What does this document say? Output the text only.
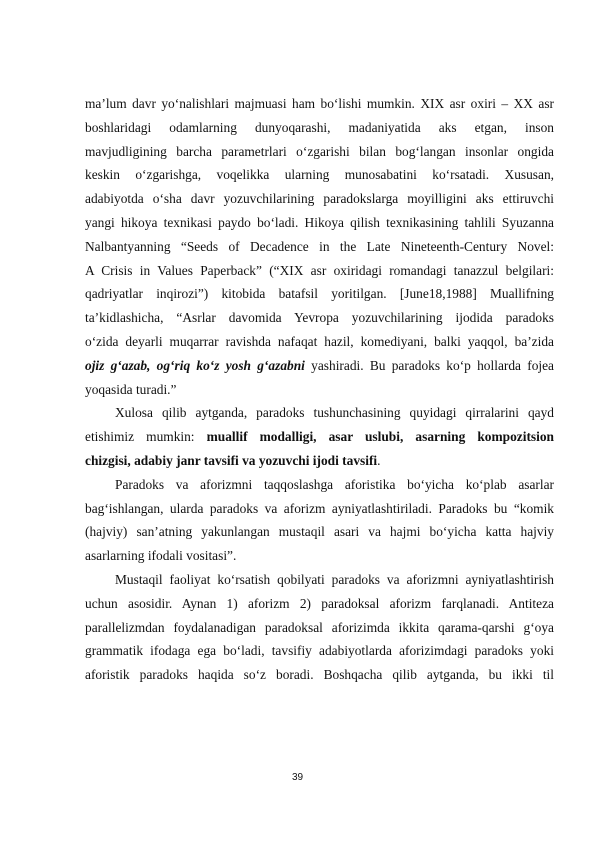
ma’lum davr yo‘nalishlari majmuasi ham bo‘lishi mumkin. XIX asr oxiri – XX asr
boshlaridagi odamlarning dunyoqarashi, madaniyatida aks etgan, inson
mavjudligining barcha parametrlari o‘zgarishi bilan bog‘langan insonlar ongida
keskin o‘zgarishga, voqelikka ularning munosabatini ko‘rsatadi. Xususan,
adabiyotda o‘sha davr yozuvchilarining paradokslarga moyilligini aks ettiruvchi
yangi hikoya texnikasi paydo bo‘ladi. Hikoya qilish texnikasining tahlili Syuzanna
Nalbantyanning “Seeds of Decadence in the Late Nineteenth-Century Novel:
A Crisis in Values Paperback” (“XIX asr oxiridagi romandagi tanazzul belgilari:
qadriyatlar inqirozi”) kitobida batafsil yoritilgan. [June18,1988] Muallifning
ta’kidlashicha, “Asrlar davomida Yevropa yozuvchilarining ijodida paradoks
o‘zida deyarli muqarrar ravishda nafaqat hazil, komediyani, balki yaqqol, ba’zida
ojiz g‘azab, og‘riq ko‘z yosh g‘azabni yashiradi. Bu paradoks ko‘p hollarda fojea
yoqasida turadi.”
Xulosa qilib aytganda, paradoks tushunchasining quyidagi qirralarini qayd
etishimiz mumkin: muallif modalligi, asar uslubi, asarning kompozitsion
chizgisi, adabiy janr tavsifi va yozuvchi ijodi tavsifi.
Paradoks va aforizmni taqqoslashga aforistika bo‘yicha ko‘plab asarlar
bag‘ishlangan, ularda paradoks va aforizm ayniyatlashtiriladi. Paradoks bu “komik
(hajviy) san’atning yakunlangan mustaqil asari va hajmi bo‘yicha katta hajviy
asarlarning ifodali vositasi”.
Mustaqil faoliyat ko‘rsatish qobilyati paradoks va aforizmni ayniyatlashtirish
uchun asosidir. Aynan 1) aforizm 2) paradoksal aforizm farqlanadi. Antiteza
parallelizmdan foydalanadigan paradoksal aforizimda ikkita qarama-qarshi g‘oya
grammatik ifodaga ega bo‘ladi, tavsifiy adabiyotlarda aforizimdagi paradoks yoki
aforistik paradoks haqida so‘z boradi. Boshqacha qilib aytganda, bu ikki til
39
